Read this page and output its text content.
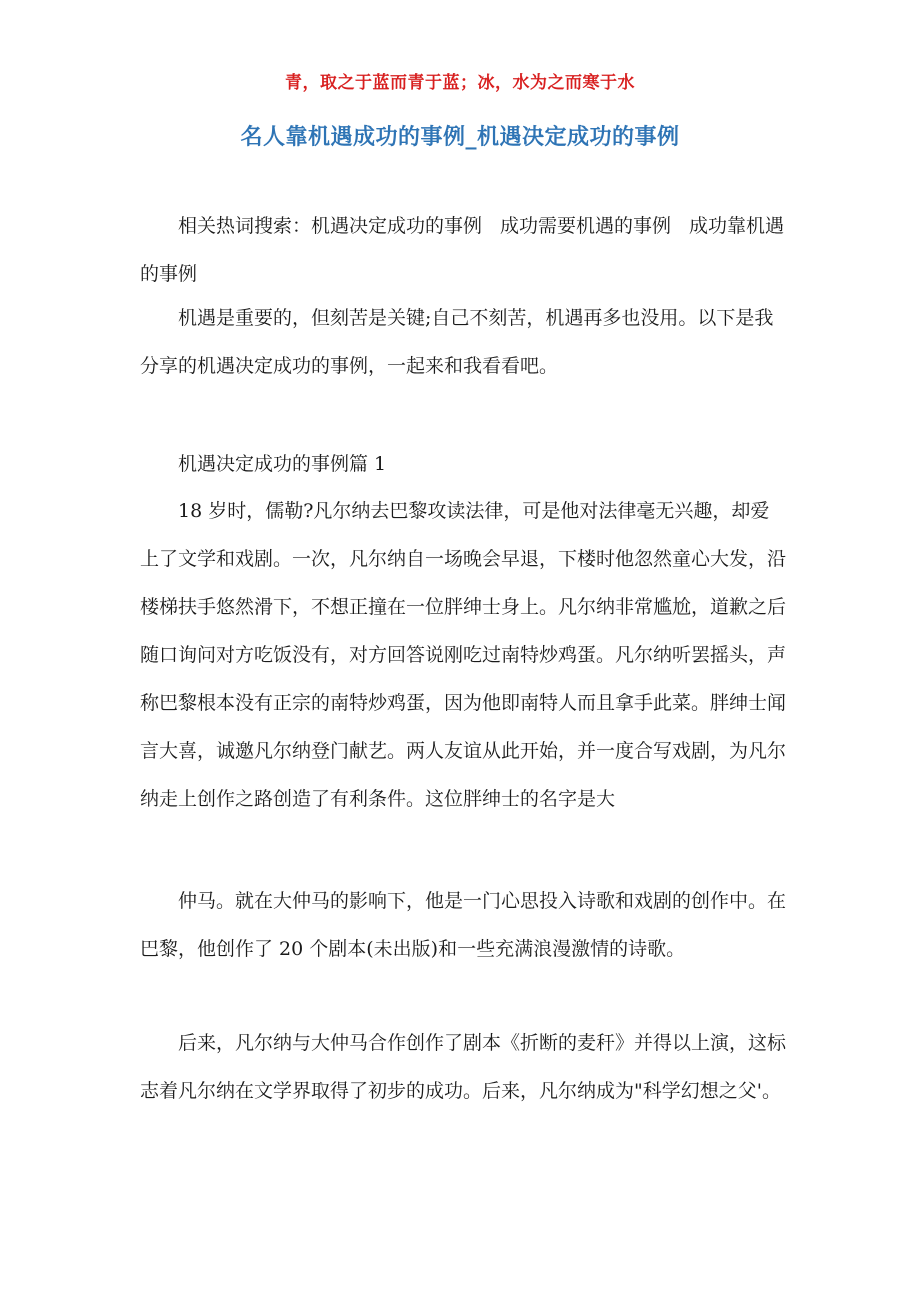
青，取之于蓝而青于蓝；冰，水为之而寒于水
名人靠机遇成功的事例_机遇决定成功的事例

相关热词搜索：机遇决定成功的事例 成功需要机遇的事例 成功靠机遇的事例

机遇是重要的，但刻苦是关键;自己不刻苦，机遇再多也没用。以下是我分享的机遇决定成功的事例，一起来和我看看吧。

机遇决定成功的事例篇 1

18 岁时，儒勒?凡尔纳去巴黎攻读法律，可是他对法律毫无兴趣，却爱上了文学和戏剧。一次，凡尔纳自一场晚会早退，下楼时他忽然童心大发，沿楼梯扶手悠然滑下，不想正撞在一位胖绅士身上。凡尔纳非常尴尬，道歉之后随口询问对方吃饭没有，对方回答说刚吃过南特炒鸡蛋。凡尔纳听罢摇头，声称巴黎根本没有正宗的南特炒鸡蛋，因为他即南特人而且拿手此菜。胖绅士闻言大喜，诚邀凡尔纳登门献艺。两人友谊从此开始，并一度合写戏剧，为凡尔纳走上创作之路创造了有利条件。这位胖绅士的名字是大

仲马。就在大仲马的影响下，他是一门心思投入诗歌和戏剧的创作中。在巴黎，他创作了 20 个剧本(未出版)和一些充满浪漫激情的诗歌。

后来，凡尔纳与大仲马合作创作了剧本《折断的麦秆》并得以上演，这标志着凡尔纳在文学界取得了初步的成功。后来，凡尔纳成为"科学幻想之父'。
